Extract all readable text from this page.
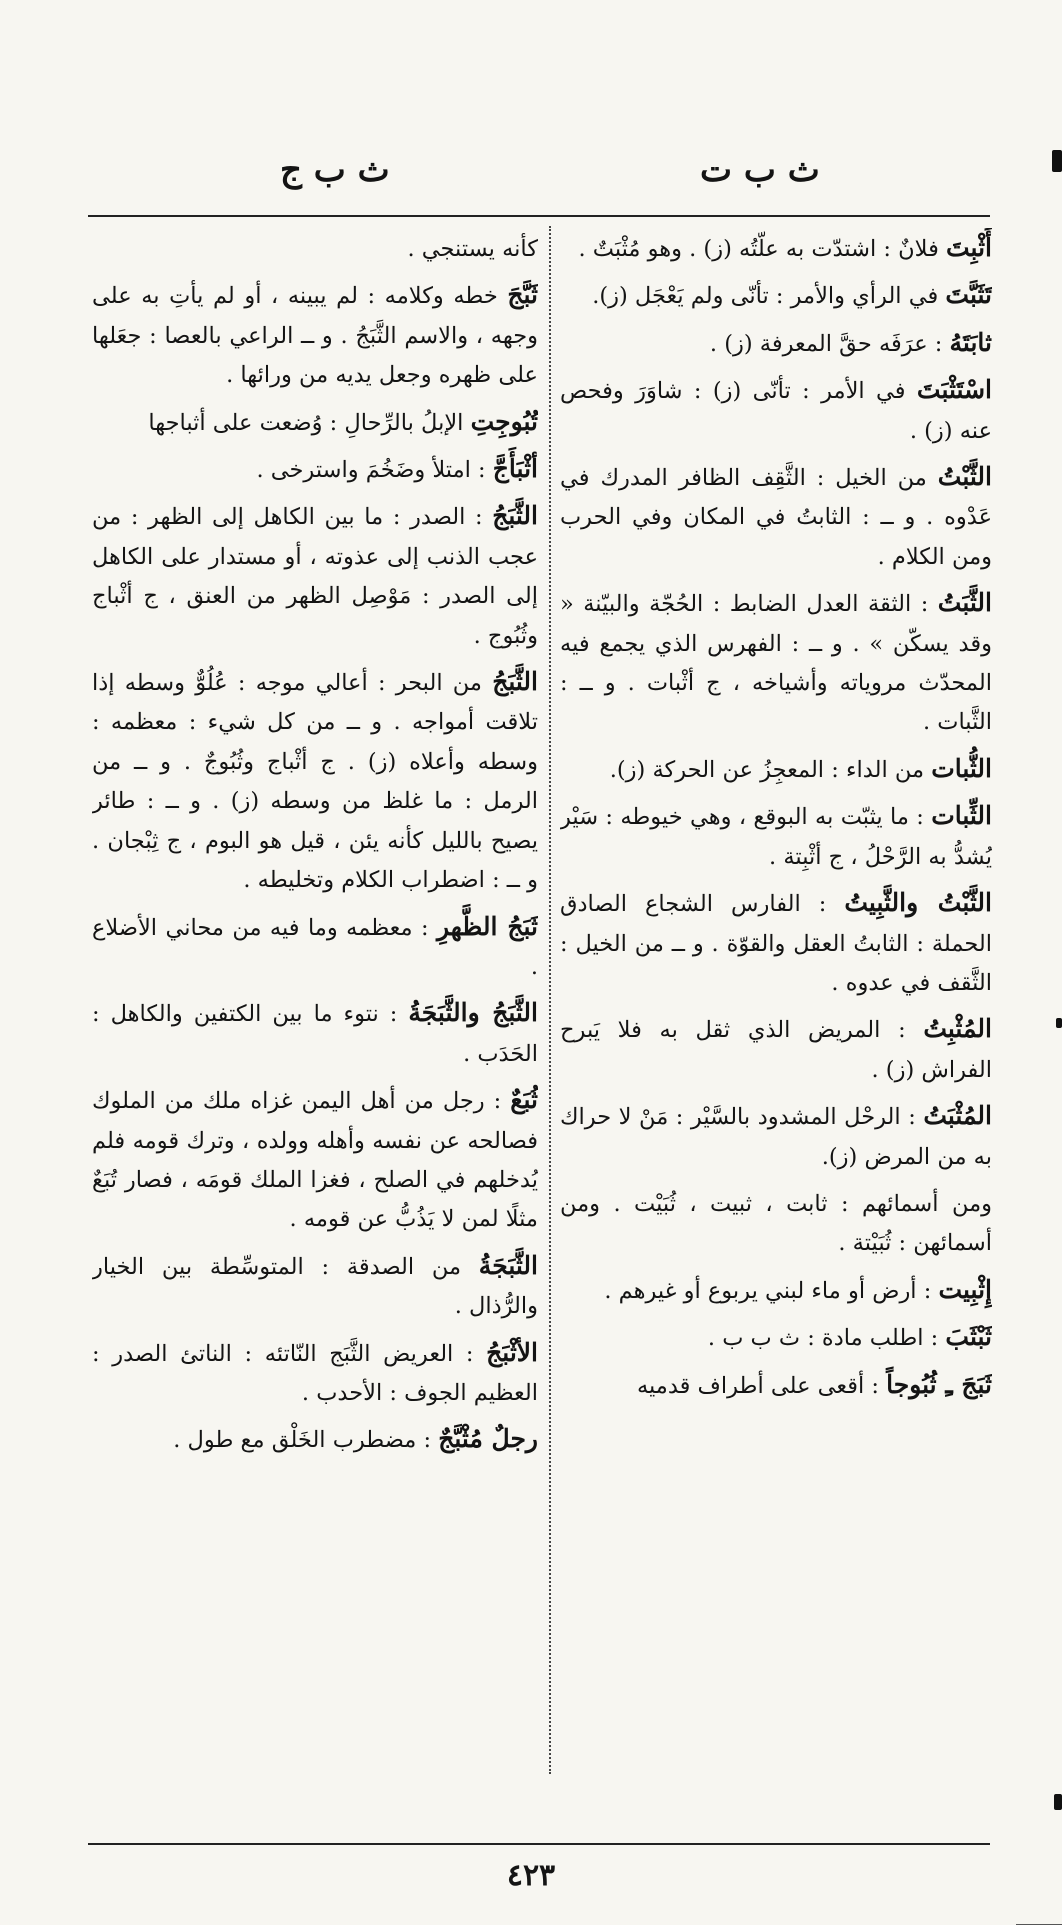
ث ب ج	ث ب ت

أَثْبِتَ فلانٌ : اشتدّت به علّتُه (ز) . وهو مُثْبَتٌ .

تَثَبَّتَ في الرأي والأمر : تأنّى ولم يَعْجَل (ز).

ثابَتَهُ : عرَفَه حقَّ المعرفة (ز) .

اسْتَثْبَتَ في الأمر : تأنّى (ز) : شاوَرَ وفحص عنه (ز) .

الثَّبْتُ من الخيل : الثَّقِف الظافر المدرك في عَدْوه . و ــ : الثابتُ في المكان وفي الحرب ومن الكلام .

الثَّبَتُ : الثقة العدل الضابط : الحُجّة والبيّنة « وقد يسكّن » . و ــ : الفهرس الذي يجمع فيه المحدّث مروياته وأشياخه ، ج أثْبات . و ــ : الثَّبات .

الثُّبات من الداء : المعجِزُ عن الحركة (ز).

الثِّبات : ما يثبّت به البوقع ، وهي خيوطه : سَيْر يُشدُّ به الرَّحْلُ ، ج أثْبِتة .

الثَّبْتُ والثَّبِيتُ : الفارس الشجاع الصادق الحملة : الثابتُ العقل والقوّة . و ــ من الخيل : الثَّقف في عدوه .

المُثْبِتُ : المريض الذي ثقل به فلا يَبرح الفراش (ز) .

المُثْبَتُ : الرحْل المشدود بالسَّيْر : مَنْ لا حراك به من المرض (ز).

ومن أسمائهم : ثابت ، ثبيت ، ثُبَيْت . ومن أسمائهن : ثُبَيْتة .

إِثْبِيت : أرض أو ماء لبني يربوع أو غيرهم .

ثَبْثَبَ : اطلب مادة : ث ب ب .

ثَبَجَ ـِ ثُبُوجاً : أقعى على أطراف قدميه

كأنه يستنجي .

ثَبَّجَ خطه وكلامه : لم يبينه ، أو لم يأتِ به على وجهه ، والاسم الثَّبَجُ . و ــ الراعي بالعصا : جعَلها على ظهره وجعل يديه من ورائها .

تُبُوجِتِ الإبلُ بالرِّحالِ : وُضعت على أثباجها

أثْبَأَجَّ : امتلأ وضَخُمَ واسترخى .

الثَّبَجُ : الصدر : ما بين الكاهل إلى الظهر : من عجب الذنب إلى عذوته ، أو مستدار على الكاهل إلى الصدر : مَوْصِل الظهر من العنق ، ج أثْباج وثُبُوج .

الثَّبَجُ من البحر : أعالي موجه : عُلُوٌّ وسطه إذا تلاقت أمواجه . و ــ من كل شيء : معظمه : وسطه وأعلاه (ز) . ج أثْباج وثُبُوجٌ . و ــ من الرمل : ما غلظ من وسطه (ز) . و ــ : طائر يصيح بالليل كأنه يئن ، قيل هو البوم ، ج ثِبْجان . و ــ : اضطراب الكلام وتخليطه .

ثَبَجُ الظَّهرِ : معظمه وما فيه من محاني الأضلاع .

الثَّبَجُ والثَّبَجَةُ : نتوء ما بين الكتفين والكاهل : الحَدَب .

ثُبَعٌ : رجل من أهل اليمن غزاه ملك من الملوك فصالحه عن نفسه وأهله وولده ، وترك قومه فلم يُدخلهم في الصلح ، فغزا الملك قومَه ، فصار تُبَعٌ مثلًا لمن لا يَذُبُّ عن قومه .

الثَّبَجَةُ من الصدقة : المتوسِّطة بين الخيار والرُّذال .

الأثْبَجُ : العريض الثَّبَج النّاتئه : الناتئ الصدر : العظيم الجوف : الأحدب .

رجلٌ مُثْبَّجٌ : مضطرب الخَلْق مع طول .

٤٢٣
